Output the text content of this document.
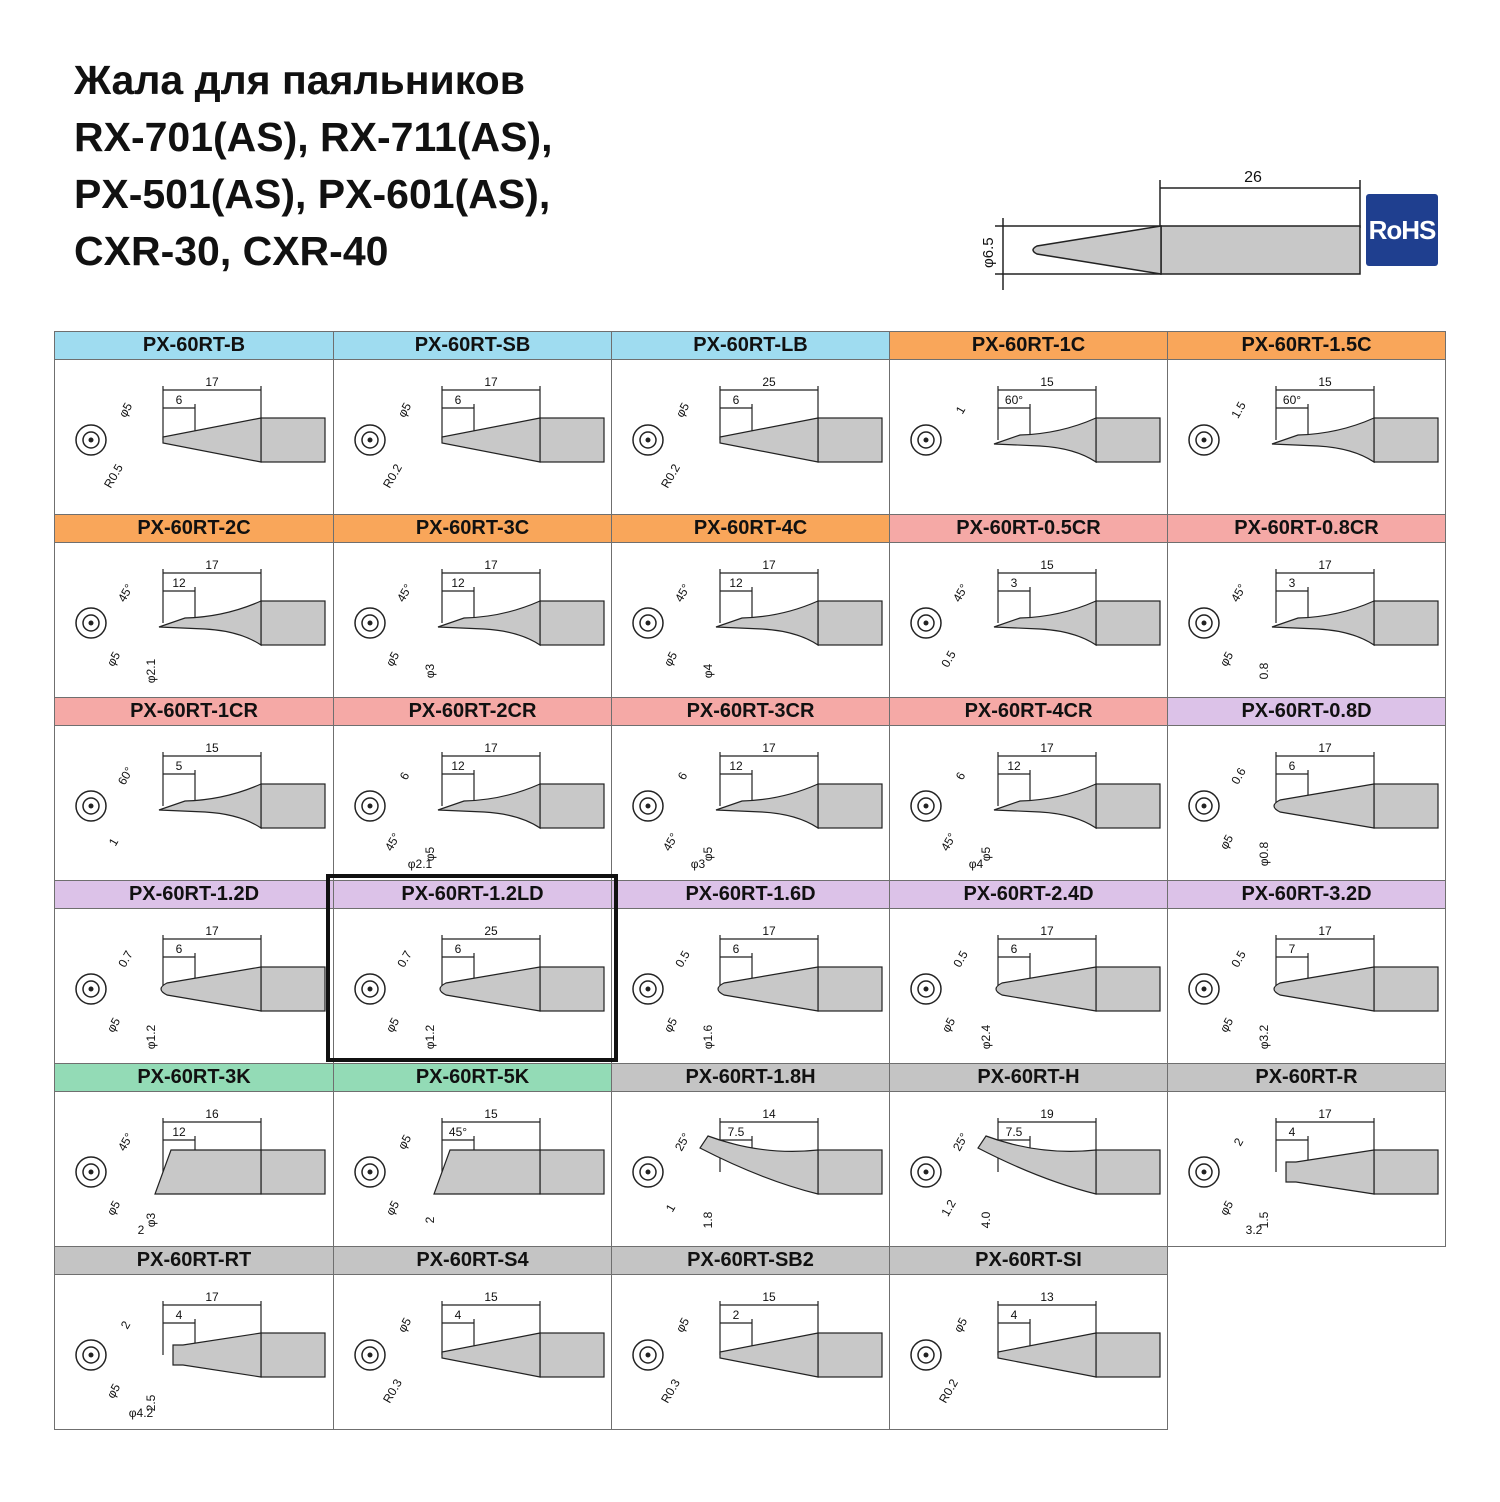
Жала для паяльников
RX-701(AS), RX-711(AS),
PX-501(AS), PX-601(AS),
CXR-30, CXR-40
26
φ6.5
RoHS
PX-60RT-B
17
6
φ5
R0.5
PX-60RT-SB
17
6
φ5
R0.2
PX-60RT-LB
25
6
φ5
R0.2
PX-60RT-1C
15
60°
1
PX-60RT-1.5C
15
60°
1.5
PX-60RT-2C
17
12
45°
φ5 φ2.1
PX-60RT-3C
17
12
45°
φ5
φ3
PX-60RT-4C
17
12
45°
φ5
φ4
PX-60RT-0.5CR
15
3
45°
0.5
PX-60RT-0.8CR
17
3
45°
φ5
0.8
PX-60RT-1CR
15
5
60°
1
PX-60RT-2CR
17
12
6
45°
φ5
φ2.1
PX-60RT-3CR
17
12
6
45°
φ5
φ3
PX-60RT-4CR
17
12
6
45°
φ5
φ4
PX-60RT-0.8D
17
6
0.6
φ5 φ0.8
PX-60RT-1.2D
17
6
0.7
φ5 φ1.2
PX-60RT-1.2LD
25
6
0.7
φ5 φ1.2
PX-60RT-1.6D
17
6
0.5
φ5 φ1.6
PX-60RT-2.4D
17
6
0.5
φ5 φ2.4
PX-60RT-3.2D
17
7
0.5
φ5 φ3.2
PX-60RT-3K
16
12
45°
φ5
φ3
2
PX-60RT-5K
15
45°
φ5
φ5
2
PX-60RT-1.8H
14
7.5
25°
1
1.8
PX-60RT-H
19
7.5
25°
1.2
4.0
PX-60RT-R
17
4
2
φ5
1.5
3.2
PX-60RT-RT
17
4
2
φ5
2.5
φ4.2
PX-60RT-S4
15
4
φ5
R0.3
PX-60RT-SB2
15
2
φ5
R0.3
PX-60RT-SI
13
4
φ5
R0.2
